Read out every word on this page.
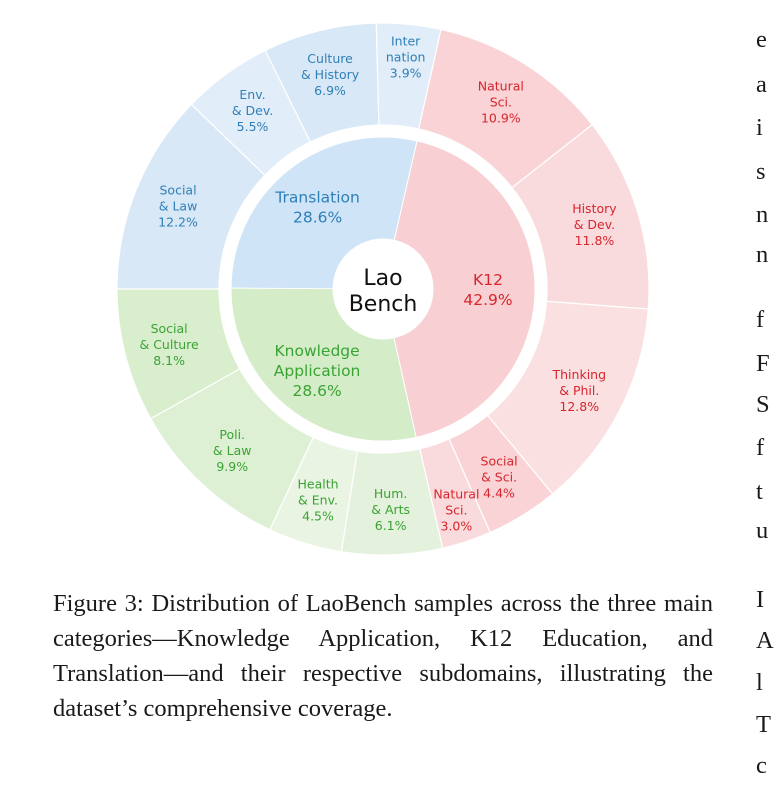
Translation 28.6%
K12 42.9%
Knowledge Application 28.6%
Social & Law 12.2%
Env. & Dev. 5.5%
Culture & History 6.9%
Inter nation 3.9%
Natural Sci. 10.9%
History & Dev. 11.8%
Thinking & Phil. 12.8%
Social & Sci. 4.4%
Natural Sci. 3.0%
Hum. & Arts 6.1%
Health & Env. 4.5%
Poli. & Law 9.9%
Social & Culture 8.1%
Lao Bench
Figure 3: Distribution of LaoBench samples across the three main categories—Knowledge Application, K12 Education, and Translation—and their respective subdomains, illustrating the dataset’s comprehensive coverage.
e
a
i
s
n
n
f
F
S
f
t
u
I
A
l
T
c
